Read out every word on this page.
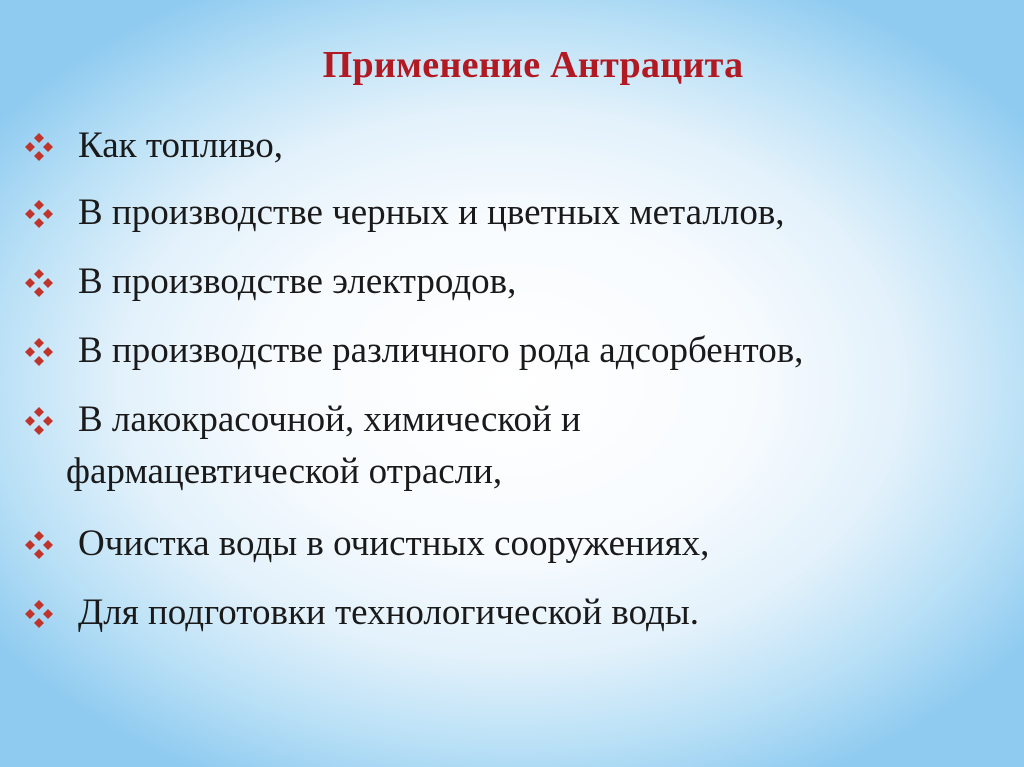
Применение Антрацита
Как топливо,
В производстве черных и цветных металлов,
В производстве электродов,
В производстве различного рода адсорбентов,
В лакокрасочной, химической и
фармацевтической отрасли,
Очистка воды в очистных сооружениях,
Для подготовки технологической воды.
